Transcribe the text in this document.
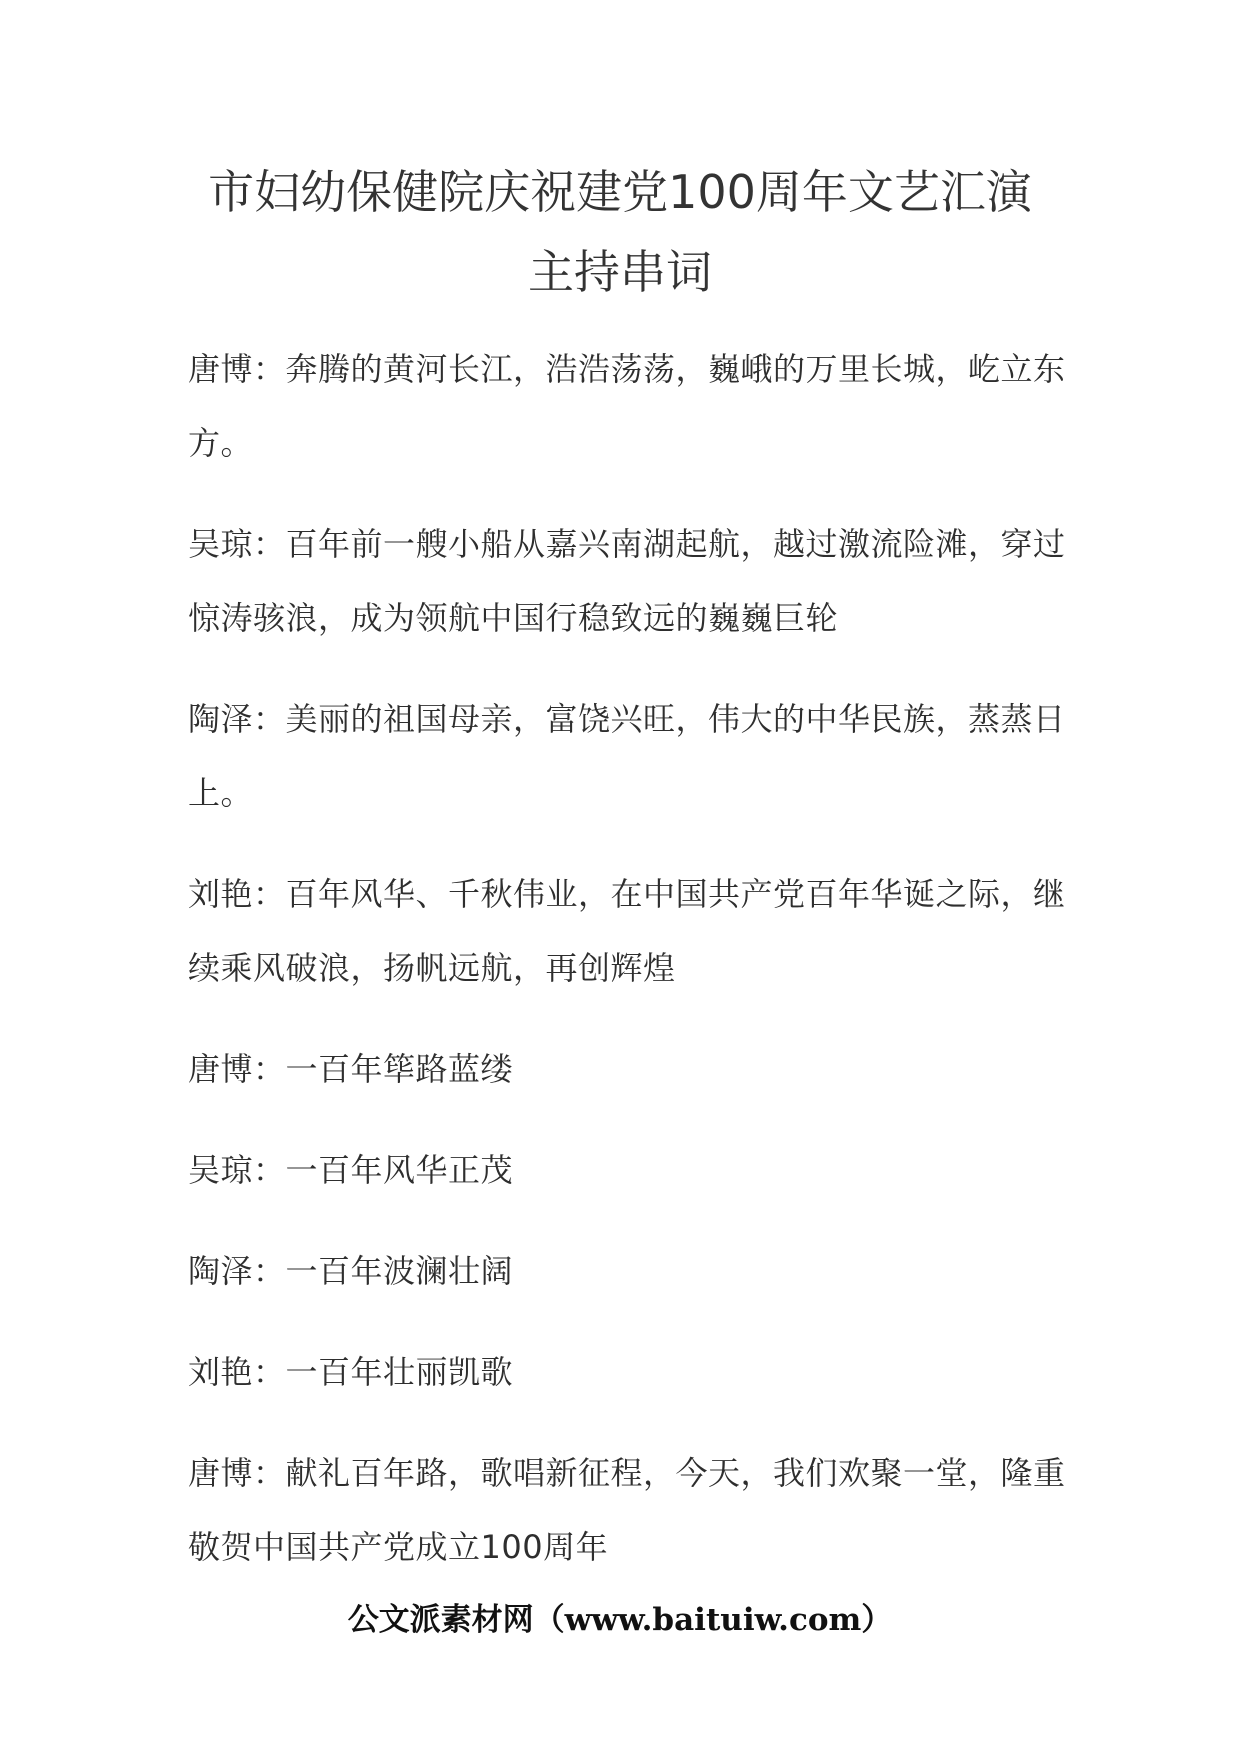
市妇幼保健院庆祝建党100周年文艺汇演
主持串词
唐博：奔腾的黄河长江，浩浩荡荡，巍峨的万里长城，屹立东方。
吴琼：百年前一艘小船从嘉兴南湖起航，越过激流险滩，穿过惊涛骇浪，成为领航中国行稳致远的巍巍巨轮
陶泽：美丽的祖国母亲，富饶兴旺，伟大的中华民族，蒸蒸日上。
刘艳：百年风华、千秋伟业，在中国共产党百年华诞之际，继续乘风破浪，扬帆远航，再创辉煌
唐博：一百年筚路蓝缕
吴琼：一百年风华正茂
陶泽：一百年波澜壮阔
刘艳：一百年壮丽凯歌
唐博：献礼百年路，歌唱新征程，今天，我们欢聚一堂，隆重敬贺中国共产党成立100周年
公文派素材网（www.baituiw.com）
